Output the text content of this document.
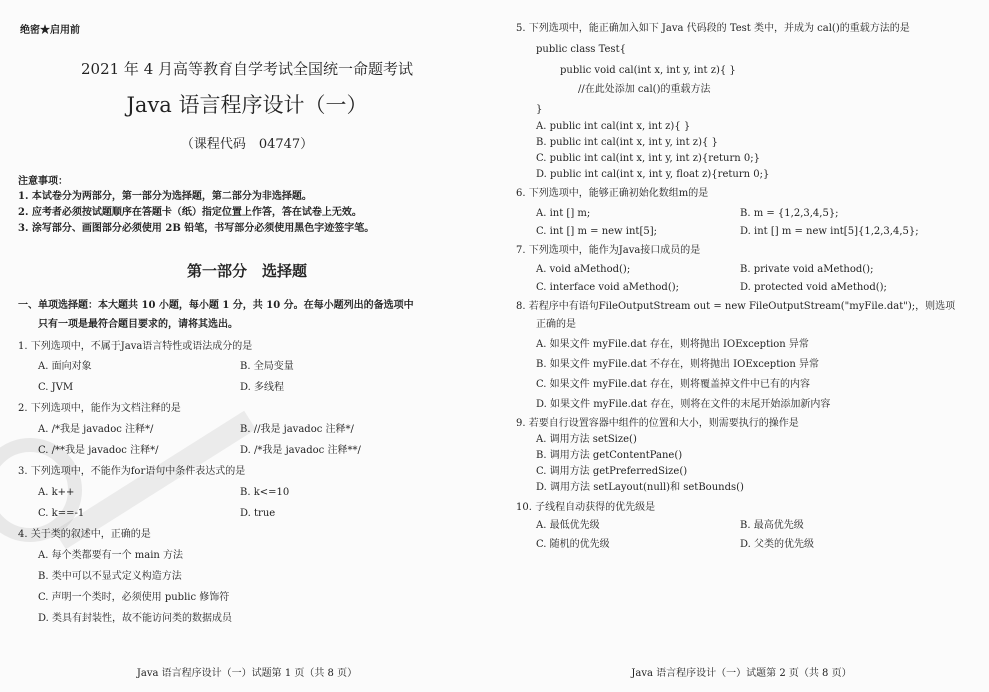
绝密★启用前
2021 年 4 月高等教育自学考试全国统一命题考试
Java 语言程序设计（一）
（课程代码　04747）
注意事项：
1. 本试卷分为两部分，第一部分为选择题，第二部分为非选择题。
2. 应考者必须按试题顺序在答题卡（纸）指定位置上作答，答在试卷上无效。
3. 涂写部分、画图部分必须使用 2B 铅笔，书写部分必须使用黑色字迹签字笔。
第一部分　选择题
一、单项选择题：本大题共 10 小题，每小题 1 分，共 10 分。在每小题列出的备选项中
只有一项是最符合题目要求的，请将其选出。
1. 下列选项中，不属于Java语言特性或语法成分的是
A. 面向对象	B. 全局变量
C. JVM	D. 多线程
2. 下列选项中，能作为文档注释的是
A. /*我是 javadoc 注释*/	B. //我是 javadoc 注释*/
C. /**我是 javadoc 注释*/	D. /*我是 javadoc 注释**/
3. 下列选项中，不能作为for语句中条件表达式的是
A. k++	B. k<=10
C. k==-1	D. true
4. 关于类的叙述中，正确的是
A. 每个类都要有一个 main 方法
B. 类中可以不显式定义构造方法
C. 声明一个类时，必须使用 public 修饰符
D. 类具有封装性，故不能访问类的数据成员
Java 语言程序设计（一）试题第 1 页（共 8 页）
5. 下列选项中，能正确加入如下 Java 代码段的 Test 类中，并成为 cal()的重载方法的是
public class Test{
public void cal(int x, int y, int z){ }
//在此处添加 cal()的重载方法
}
A. public int cal(int x, int z){ }
B. public int cal(int x, int y, int z){ }
C. public int cal(int x, int y, int z){return 0;}
D. public int cal(int x, int y, float z){return 0;}
6. 下列选项中，能够正确初始化数组m的是
A. int [] m;	B. m = {1,2,3,4,5};
C. int [] m = new int[5];	D. int [] m = new int[5]{1,2,3,4,5};
7. 下列选项中，能作为Java接口成员的是
A. void aMethod();	B. private void aMethod();
C. interface void aMethod();	D. protected void aMethod();
8. 若程序中有语句FileOutputStream out = new FileOutputStream("myFile.dat");，则选项
正确的是
A. 如果文件 myFile.dat 存在，则将抛出 IOException 异常
B. 如果文件 myFile.dat 不存在，则将抛出 IOException 异常
C. 如果文件 myFile.dat 存在，则将覆盖掉文件中已有的内容
D. 如果文件 myFile.dat 存在，则将在文件的末尾开始添加新内容
9. 若要自行设置容器中组件的位置和大小，则需要执行的操作是
A. 调用方法 setSize()
B. 调用方法 getContentPane()
C. 调用方法 getPreferredSize()
D. 调用方法 setLayout(null)和 setBounds()
10. 子线程自动获得的优先级是
A. 最低优先级	B. 最高优先级
C. 随机的优先级	D. 父类的优先级
Java 语言程序设计（一）试题第 2 页（共 8 页）
